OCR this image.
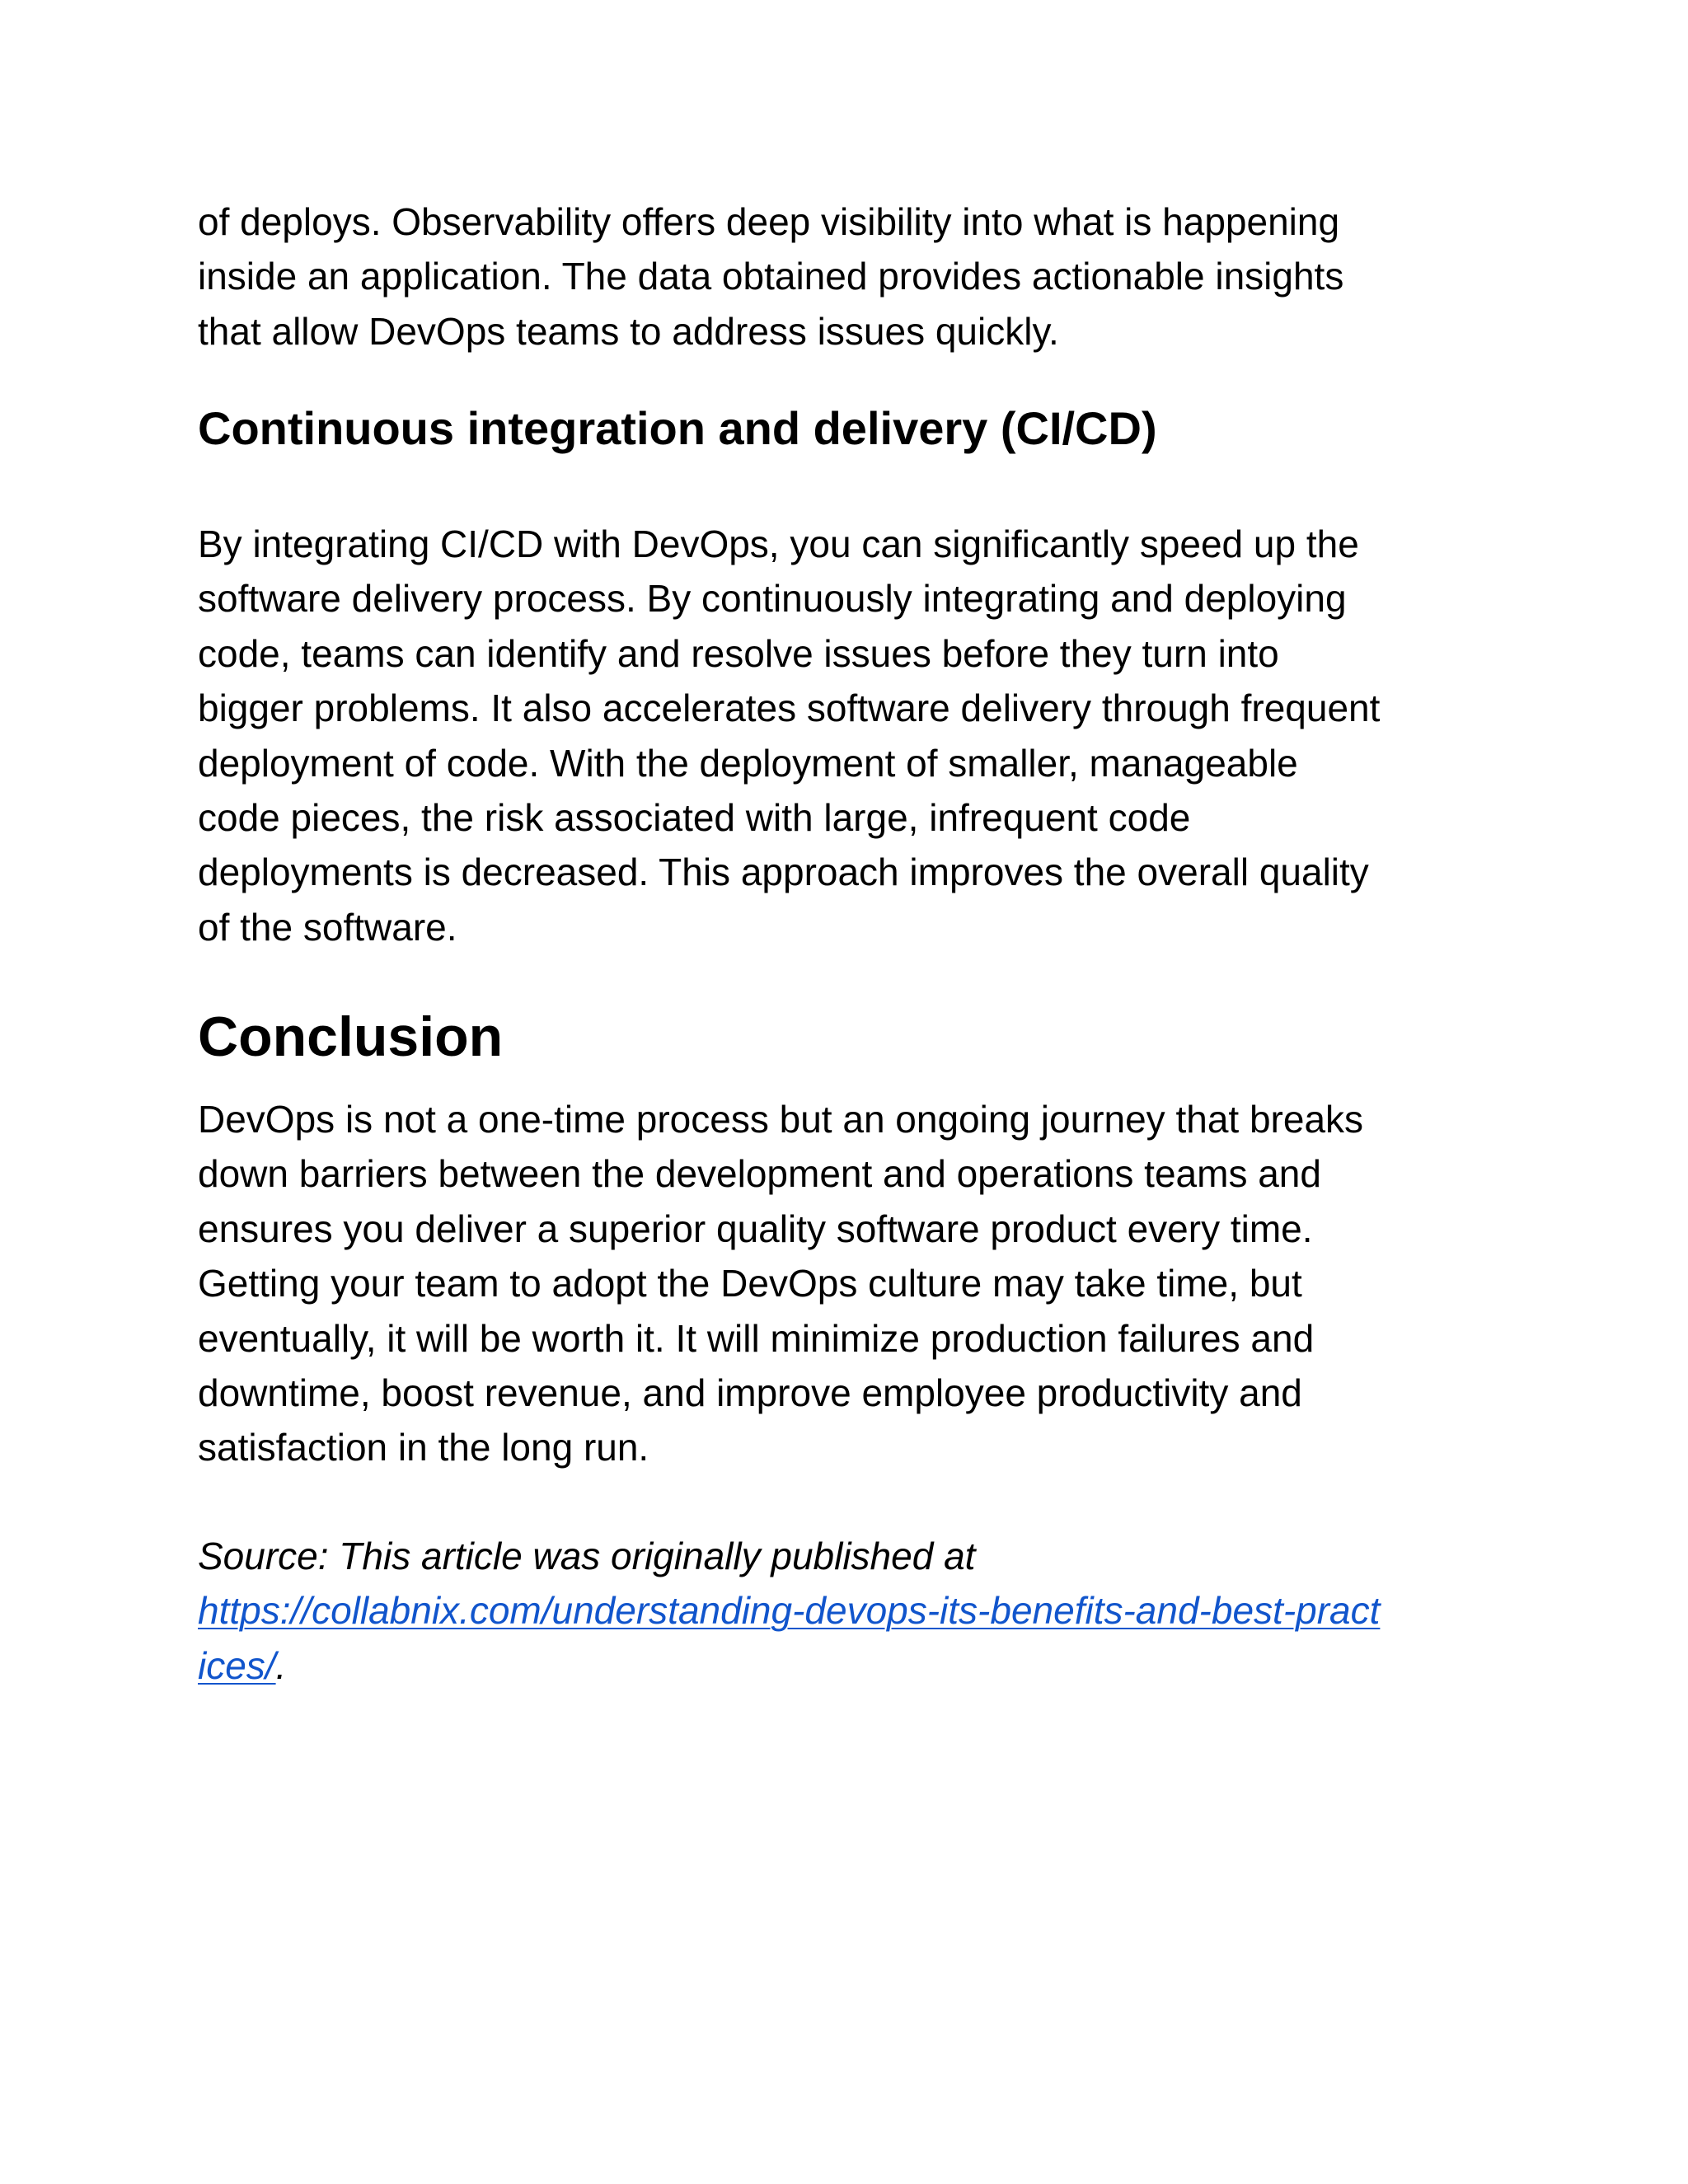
of deploys. Observability offers deep visibility into what is happening
inside an application. The data obtained provides actionable insights
that allow DevOps teams to address issues quickly.

Continuous integration and delivery (CI/CD)

By integrating CI/CD with DevOps, you can significantly speed up the
software delivery process. By continuously integrating and deploying
code, teams can identify and resolve issues before they turn into
bigger problems. It also accelerates software delivery through frequent
deployment of code. With the deployment of smaller, manageable
code pieces, the risk associated with large, infrequent code
deployments is decreased. This approach improves the overall quality
of the software.

Conclusion

DevOps is not a one-time process but an ongoing journey that breaks
down barriers between the development and operations teams and
ensures you deliver a superior quality software product every time.
Getting your team to adopt the DevOps culture may take time, but
eventually, it will be worth it. It will minimize production failures and
downtime, boost revenue, and improve employee productivity and
satisfaction in the long run.

Source: This article was originally published at
https://collabnix.com/understanding-devops-its-benefits-and-best-pract
ices/.
